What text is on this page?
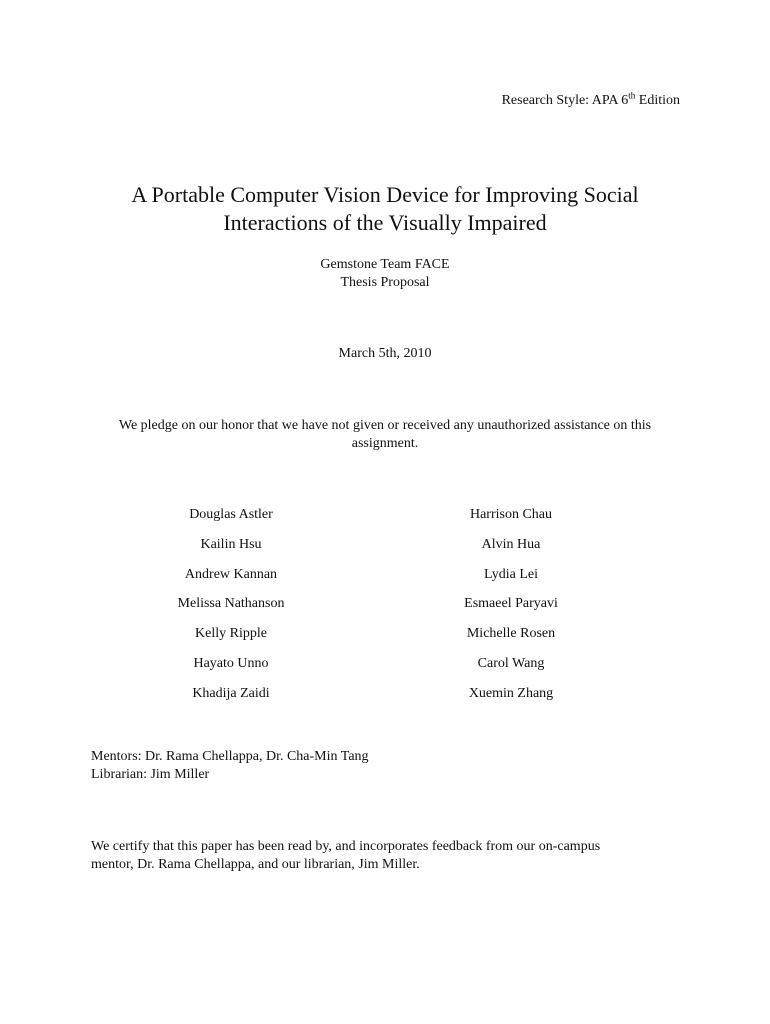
Research Style: APA 6th Edition
A Portable Computer Vision Device for Improving Social
Interactions of the Visually Impaired
Gemstone Team FACE
Thesis Proposal
March 5th, 2010
We pledge on our honor that we have not given or received any unauthorized assistance on this
assignment.
Douglas Astler	Harrison Chau
Kailin Hsu	Alvin Hua
Andrew Kannan	Lydia Lei
Melissa Nathanson	Esmaeel Paryavi
Kelly Ripple	Michelle Rosen
Hayato Unno	Carol Wang
Khadija Zaidi	Xuemin Zhang
Mentors: Dr. Rama Chellappa, Dr. Cha-Min Tang
Librarian: Jim Miller
We certify that this paper has been read by, and incorporates feedback from our on-campus
mentor, Dr. Rama Chellappa, and our librarian, Jim Miller.
